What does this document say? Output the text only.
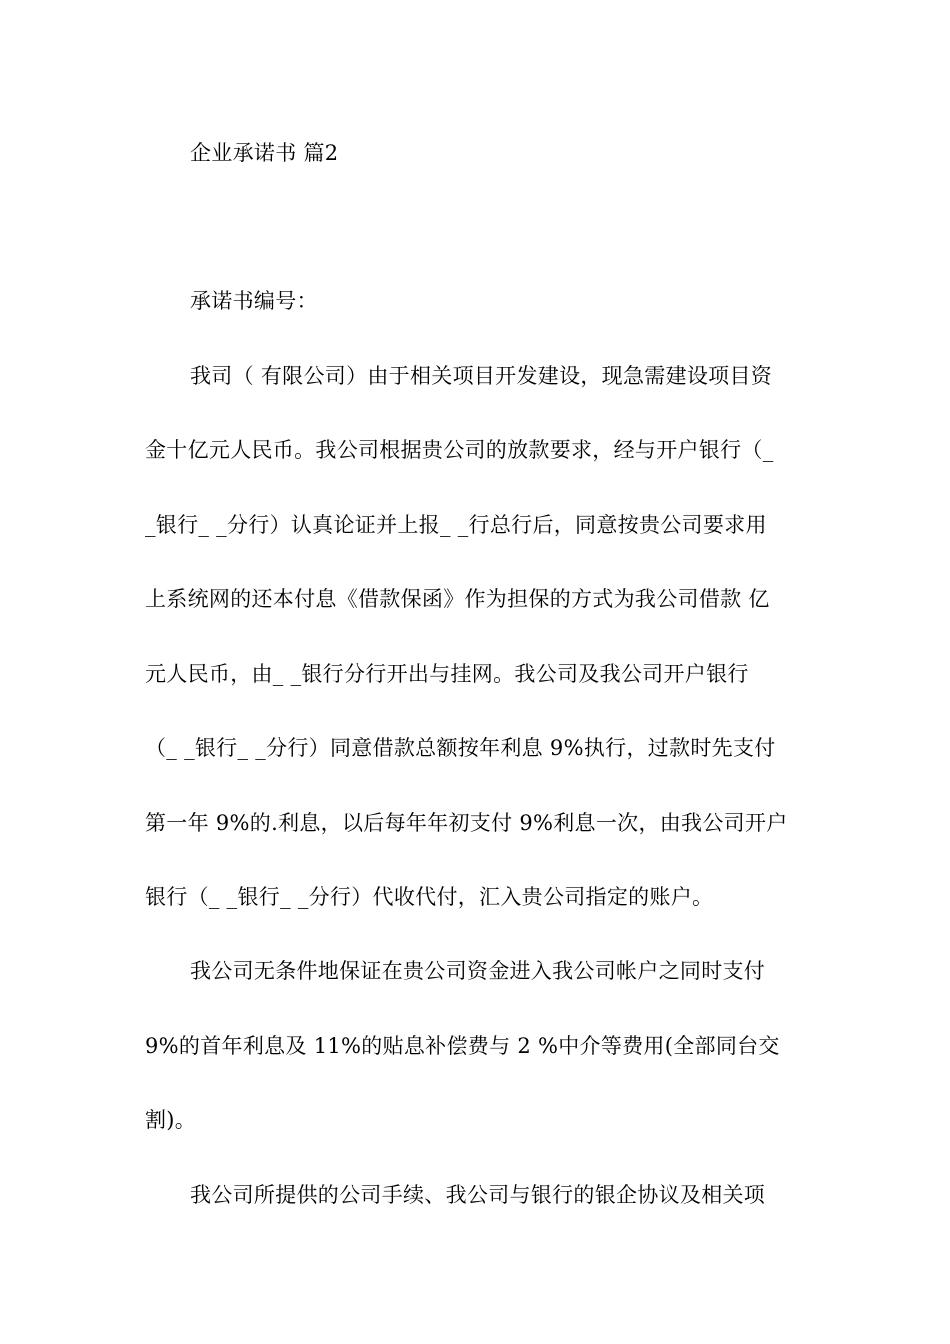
企业承诺书 篇2
承诺书编号：
我司（ 有限公司）由于相关项目开发建设，现急需建设项目资
金十亿元人民币。我公司根据贵公司的放款要求，经与开户银行（_
_银行_ _分行）认真论证并上报_ _行总行后，同意按贵公司要求用
上系统网的还本付息《借款保函》作为担保的方式为我公司借款 亿
元人民币，由_ _银行分行开出与挂网。我公司及我公司开户银行
（_ _银行_ _分行）同意借款总额按年利息 9%执行，过款时先支付
第一年 9%的.利息，以后每年年初支付 9%利息一次，由我公司开户
银行（_ _银行_ _分行）代收代付，汇入贵公司指定的账户。
我公司无条件地保证在贵公司资金进入我公司帐户之同时支付
9%的首年利息及 11%的贴息补偿费与 2 %中介等费用(全部同台交
割)。
我公司所提供的公司手续、我公司与银行的银企协议及相关项
